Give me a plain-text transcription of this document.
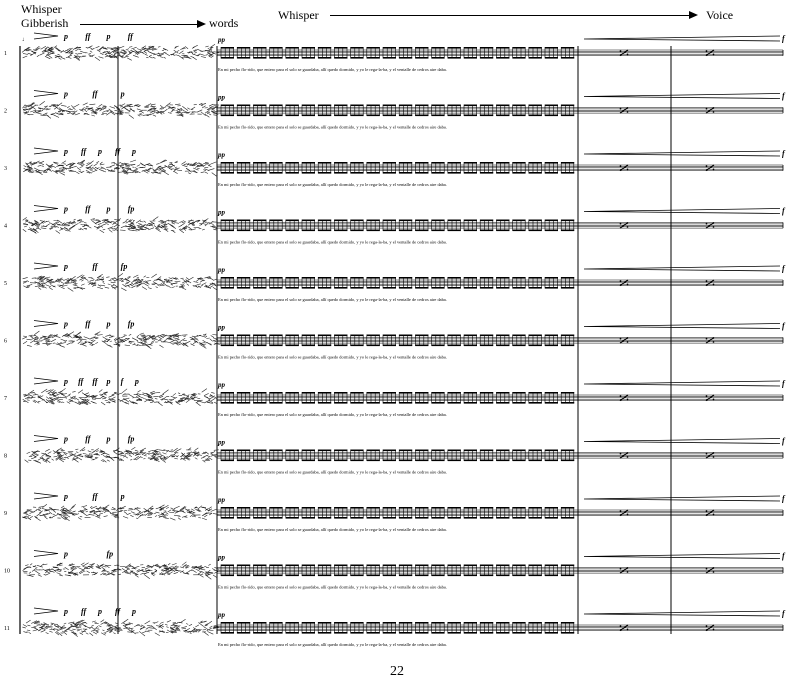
Whisper
Gibberish	words
Whisper	Voice
1
p ff p ff	pp
En mi pecho flo-rido, que entero para el solo se guardaba, allí quedo dormido, y yo le rega-la-ba, y el ventalle de cedros aire daba.
f
2
p	ff	p	pp
En mi pecho flo-rido, que entero para el solo se guardaba, allí quedo dormido, y yo le rega-la-ba, y el ventalle de cedros aire daba.
f
3
p ff p ff p	pp
En mi pecho flo-rido, que entero para el solo se guardaba, allí quedo dormido, y yo le rega-la-ba, y el ventalle de cedros aire daba.
f
4
p ff p fp	pp
En mi pecho flo-rido, que entero para el solo se guardaba, allí quedo dormido, y yo le rega-la-ba, y el ventalle de cedros aire daba.
f
5
p	ff	fp	pp
En mi pecho flo-rido, que entero para el solo se guardaba, allí quedo dormido, y yo le rega-la-ba, y el ventalle de cedros aire daba.
f
6
p ff p fp	pp
En mi pecho flo-rido, que entero para el solo se guardaba, allí quedo dormido, y yo le rega-la-ba, y el ventalle de cedros aire daba.
f
7
p ff ff p f p	pp
En mi pecho flo-rido, que entero para el solo se guardaba, allí quedo dormido, y yo le rega-la-ba, y el ventalle de cedros aire daba.
f
8
p ff p fp	pp
En mi pecho flo-rido, que entero para el solo se guardaba, allí quedo dormido, y yo le rega-la-ba, y el ventalle de cedros aire daba.
f
9
p	ff	p	pp
En mi pecho flo-rido, que entero para el solo se guardaba, allí quedo dormido, y yo le rega-la-ba, y el ventalle de cedros aire daba.
f
10
p	fp	pp
En mi pecho flo-rido, que entero para el solo se guardaba, allí quedo dormido, y yo le rega-la-ba, y el ventalle de cedros aire daba.
f
11
p ff p ff p	pp
En mi pecho flo-rido, que entero para el solo se guardaba, allí quedo dormido, y yo le rega-la-ba, y el ventalle de cedros aire daba.
f
♩
22
